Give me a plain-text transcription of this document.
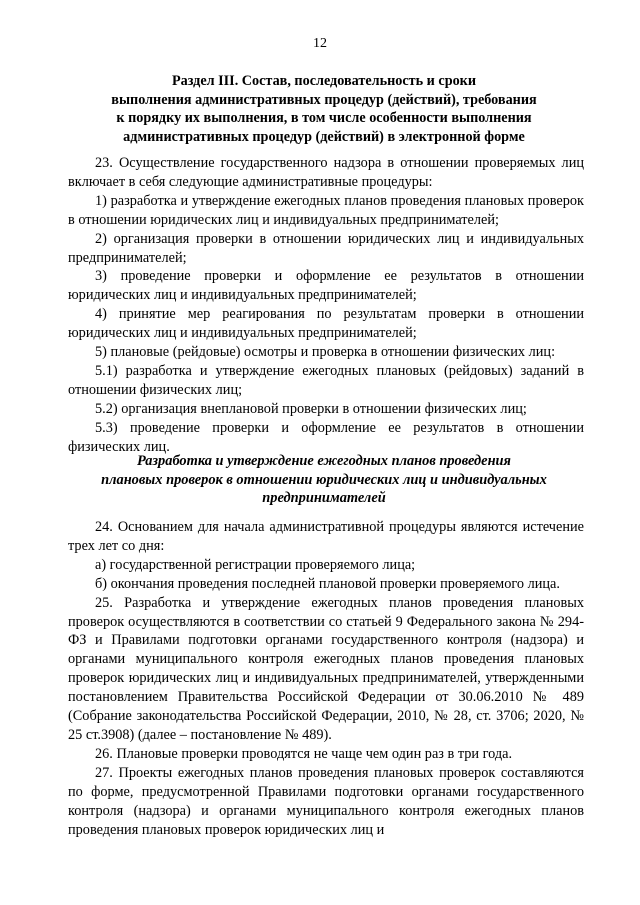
12
Раздел III. Состав, последовательность и сроки
выполнения административных процедур (действий), требования
к порядку их выполнения, в том числе особенности выполнения
административных процедур (действий) в электронной форме

23. Осуществление государственного надзора в отношении проверяемых лиц включает в себя следующие административные процедуры:

1) разработка и утверждение ежегодных планов проведения плановых проверок в отношении юридических лиц и индивидуальных предпринимателей;

2) организация проверки в отношении юридических лиц и индивидуальных предпринимателей;

3) проведение проверки и оформление ее результатов в отношении юридических лиц и индивидуальных предпринимателей;

4) принятие мер реагирования по результатам проверки в отношении юридических лиц и индивидуальных предпринимателей;

5) плановые (рейдовые) осмотры и проверка в отношении физических лиц:

5.1) разработка и утверждение ежегодных плановых (рейдовых) заданий в отношении физических лиц;

5.2) организация внеплановой проверки в отношении физических лиц;

5.3) проведение проверки и оформление ее результатов в отношении физических лиц.

Разработка и утверждение ежегодных планов проведения
плановых проверок в отношении юридических лиц и индивидуальных
предпринимателей

24. Основанием для начала административной процедуры являются истечение трех лет со дня:

а) государственной регистрации проверяемого лица;

б) окончания проведения последней плановой проверки проверяемого лица.

25. Разработка и утверждение ежегодных планов проведения плановых проверок осуществляются в соответствии со статьей 9 Федерального закона № 294-ФЗ и Правилами подготовки органами государственного контроля (надзора) и органами муниципального контроля ежегодных планов проведения плановых проверок юридических лиц и индивидуальных предпринимателей, утвержденными постановлением Правительства Российской Федерации от 30.06.2010 № 489 (Собрание законодательства Российской Федерации, 2010, № 28, ст. 3706; 2020, № 25 ст.3908) (далее – постановление № 489).

26. Плановые проверки проводятся не чаще чем один раз в три года.

27. Проекты ежегодных планов проведения плановых проверок составляются по форме, предусмотренной Правилами подготовки органами государственного контроля (надзора) и органами муниципального контроля ежегодных планов проведения плановых проверок юридических лиц и
